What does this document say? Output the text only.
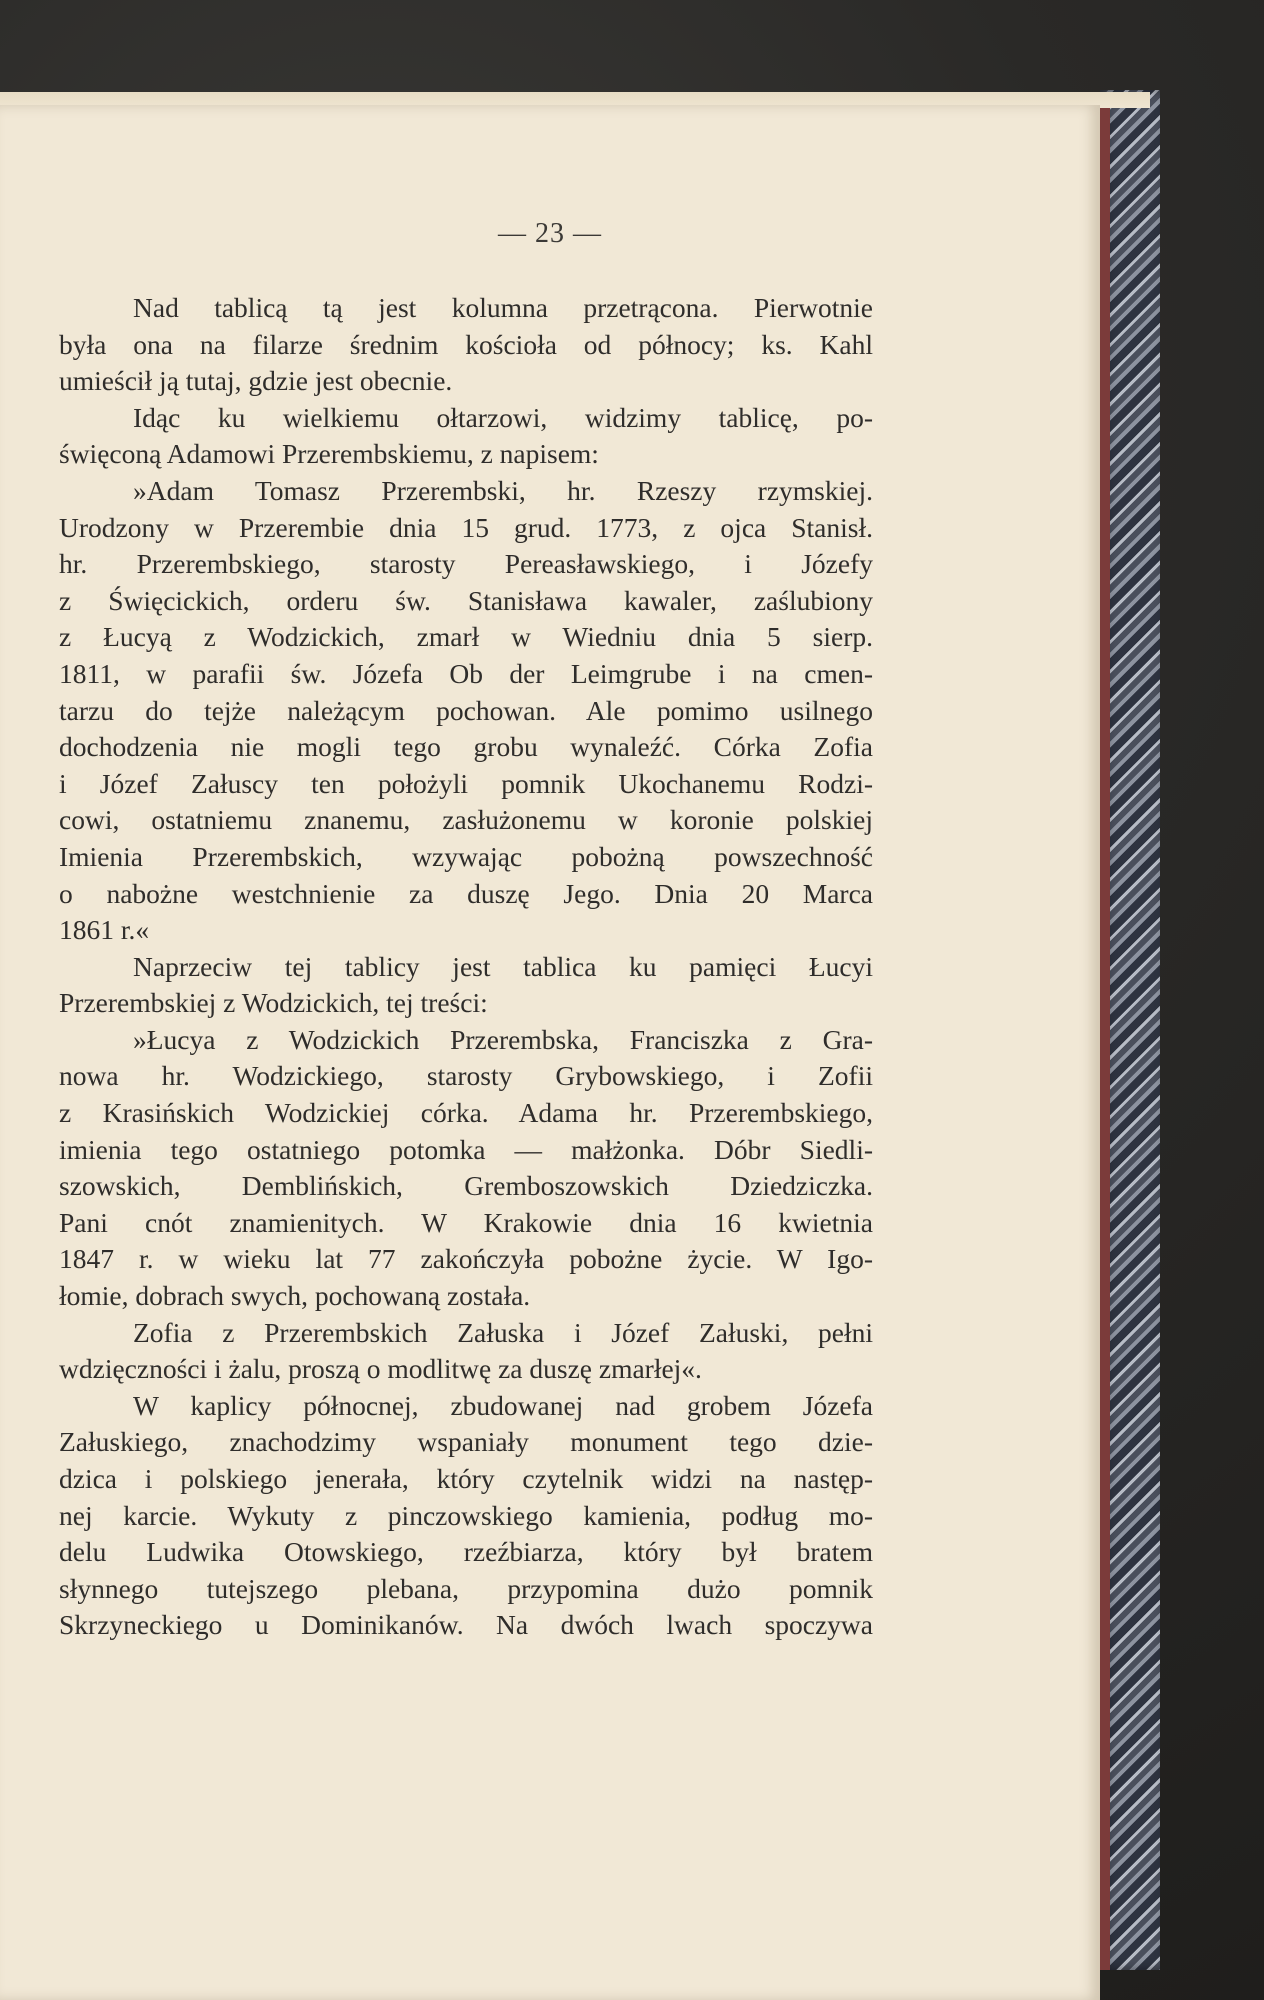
— 23 —
Nad tablicą tą jest kolumna przetrącona. Pierwotnie
była ona na filarze średnim kościoła od północy; ks. Kahl
umieścił ją tutaj, gdzie jest obecnie.
Idąc ku wielkiemu ołtarzowi, widzimy tablicę, po-
święconą Adamowi Przerembskiemu, z napisem:
»Adam Tomasz Przerembski, hr. Rzeszy rzymskiej.
Urodzony w Przerembie dnia 15 grud. 1773, z ojca Stanisł.
hr. Przerembskiego, starosty Pereasławskiego, i Józefy
z Święcickich, orderu św. Stanisława kawaler, zaślubiony
z Łucyą z Wodzickich, zmarł w Wiedniu dnia 5 sierp.
1811, w parafii św. Józefa Ob der Leimgrube i na cmen-
tarzu do tejże należącym pochowan. Ale pomimo usilnego
dochodzenia nie mogli tego grobu wynaleźć. Córka Zofia
i Józef Załuscy ten położyli pomnik Ukochanemu Rodzi-
cowi, ostatniemu znanemu, zasłużonemu w koronie polskiej
Imienia Przerembskich, wzywając pobożną powszechność
o nabożne westchnienie za duszę Jego. Dnia 20 Marca
1861 r.«
Naprzeciw tej tablicy jest tablica ku pamięci Łucyi
Przerembskiej z Wodzickich, tej treści:
»Łucya z Wodzickich Przerembska, Franciszka z Gra-
nowa hr. Wodzickiego, starosty Grybowskiego, i Zofii
z Krasińskich Wodzickiej córka. Adama hr. Przerembskiego,
imienia tego ostatniego potomka — małżonka. Dóbr Siedli-
szowskich, Demblińskich, Gremboszowskich Dziedziczka.
Pani cnót znamienitych. W Krakowie dnia 16 kwietnia
1847 r. w wieku lat 77 zakończyła pobożne życie. W Igo-
łomie, dobrach swych, pochowaną została.
Zofia z Przerembskich Załuska i Józef Załuski, pełni
wdzięczności i żalu, proszą o modlitwę za duszę zmarłej«.
W kaplicy północnej, zbudowanej nad grobem Józefa
Załuskiego, znachodzimy wspaniały monument tego dzie-
dzica i polskiego jenerała, który czytelnik widzi na następ-
nej karcie. Wykuty z pinczowskiego kamienia, podług mo-
delu Ludwika Otowskiego, rzeźbiarza, który był bratem
słynnego tutejszego plebana, przypomina dużo pomnik
Skrzyneckiego u Dominikanów. Na dwóch lwach spoczywa
